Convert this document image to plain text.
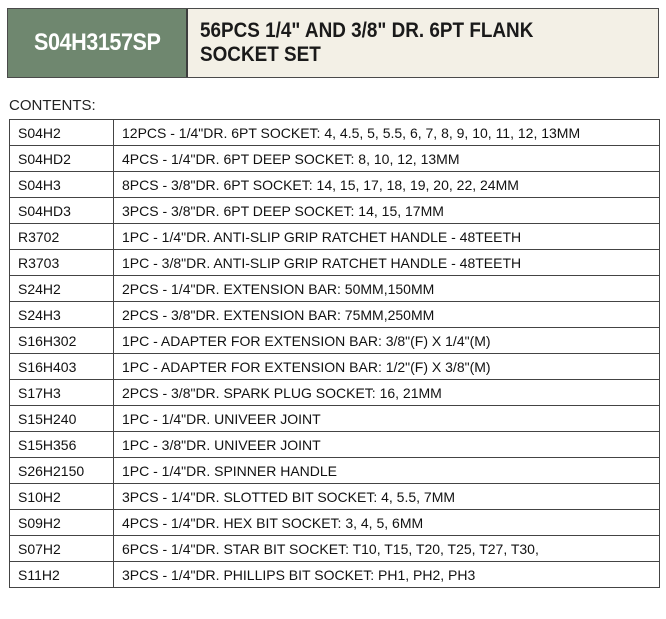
S04H3157SP 56PCS 1/4" AND 3/8" DR. 6PT FLANK
SOCKET SET
CONTENTS:
S04H2	12PCS - 1/4"DR. 6PT SOCKET: 4, 4.5, 5, 5.5, 6, 7, 8, 9, 10, 11, 12, 13MM
S04HD2	4PCS - 1/4"DR. 6PT DEEP SOCKET: 8, 10, 12, 13MM
S04H3	8PCS - 3/8"DR. 6PT SOCKET: 14, 15, 17, 18, 19, 20, 22, 24MM
S04HD3	3PCS - 3/8"DR. 6PT DEEP SOCKET: 14, 15, 17MM
R3702	1PC - 1/4"DR. ANTI-SLIP GRIP RATCHET HANDLE - 48TEETH
R3703	1PC - 3/8"DR. ANTI-SLIP GRIP RATCHET HANDLE - 48TEETH
S24H2	2PCS - 1/4"DR. EXTENSION BAR: 50MM,150MM
S24H3	2PCS - 3/8"DR. EXTENSION BAR: 75MM,250MM
S16H302	1PC - ADAPTER FOR EXTENSION BAR: 3/8"(F) X 1/4"(M)
S16H403	1PC - ADAPTER FOR EXTENSION BAR: 1/2"(F) X 3/8"(M)
S17H3	2PCS - 3/8"DR. SPARK PLUG SOCKET: 16, 21MM
S15H240	1PC - 1/4"DR. UNIVEER JOINT
S15H356	1PC - 3/8"DR. UNIVEER JOINT
S26H2150	1PC - 1/4"DR. SPINNER HANDLE
S10H2	3PCS - 1/4"DR. SLOTTED BIT SOCKET: 4, 5.5, 7MM
S09H2	4PCS - 1/4"DR. HEX BIT SOCKET: 3, 4, 5, 6MM
S07H2	6PCS - 1/4"DR. STAR BIT SOCKET: T10, T15, T20, T25, T27, T30,
S11H2	3PCS - 1/4"DR. PHILLIPS BIT SOCKET: PH1, PH2, PH3
